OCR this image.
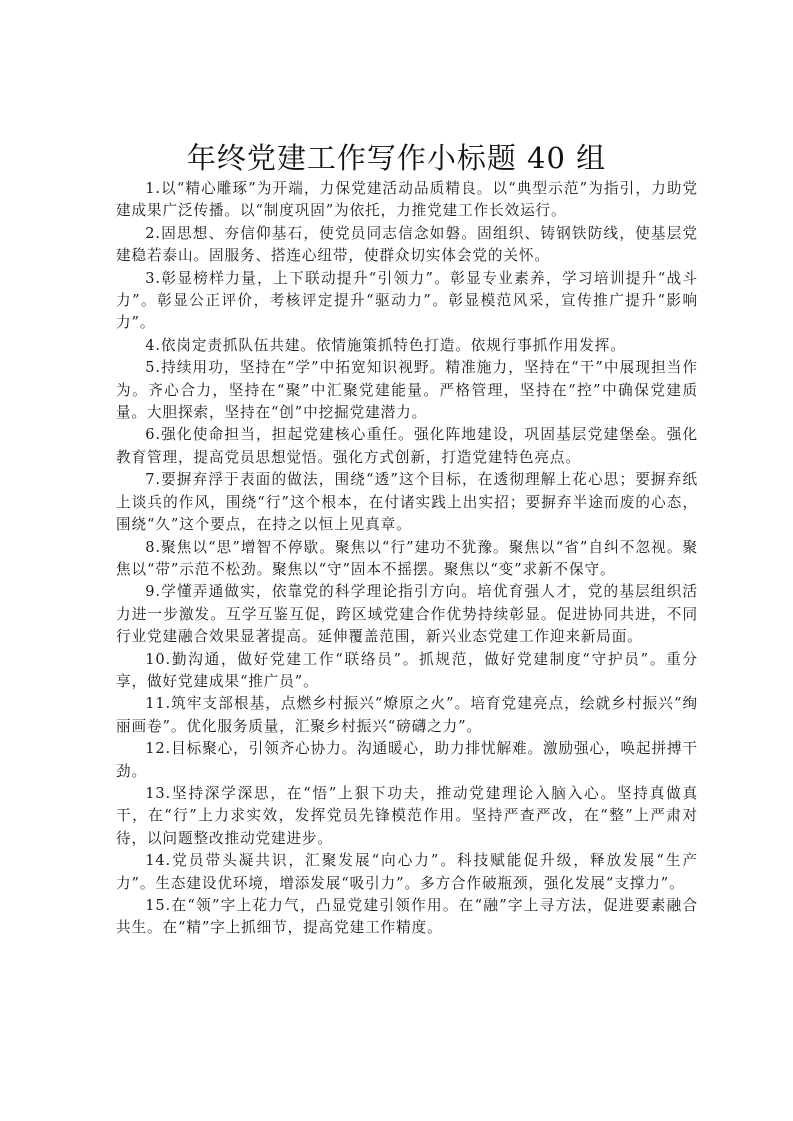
年终党建工作写作小标题 40 组

1.以“精心雕琢”为开端，力保党建活动品质精良。以“典型示范”为指引，力助党建成果广泛传播。以“制度巩固”为依托，力推党建工作长效运行。

2.固思想、夯信仰基石，使党员同志信念如磐。固组织、铸钢铁防线，使基层党建稳若泰山。固服务、搭连心纽带，使群众切实体会党的关怀。

3.彰显榜样力量，上下联动提升“引领力”。彰显专业素养，学习培训提升“战斗力”。彰显公正评价，考核评定提升“驱动力”。彰显模范风采，宣传推广提升“影响力”。

4.依岗定责抓队伍共建。依情施策抓特色打造。依规行事抓作用发挥。

5.持续用功，坚持在“学”中拓宽知识视野。精准施力，坚持在“干”中展现担当作为。齐心合力，坚持在“聚”中汇聚党建能量。严格管理，坚持在“控”中确保党建质量。大胆探索，坚持在“创”中挖掘党建潜力。

6.强化使命担当，担起党建核心重任。强化阵地建设，巩固基层党建堡垒。强化教育管理，提高党员思想觉悟。强化方式创新，打造党建特色亮点。

7.要摒弃浮于表面的做法，围绕“透”这个目标，在透彻理解上花心思；要摒弃纸上谈兵的作风，围绕“行”这个根本，在付诸实践上出实招；要摒弃半途而废的心态，围绕“久”这个要点，在持之以恒上见真章。

8.聚焦以“思”增智不停歇。聚焦以“行”建功不犹豫。聚焦以“省”自纠不忽视。聚焦以“带”示范不松劲。聚焦以“守”固本不摇摆。聚焦以“变”求新不保守。

9.学懂弄通做实，依靠党的科学理论指引方向。培优育强人才，党的基层组织活力进一步激发。互学互鉴互促，跨区域党建合作优势持续彰显。促进协同共进，不同行业党建融合效果显著提高。延伸覆盖范围，新兴业态党建工作迎来新局面。

10.勤沟通，做好党建工作“联络员”。抓规范，做好党建制度“守护员”。重分享，做好党建成果“推广员”。

11.筑牢支部根基，点燃乡村振兴“燎原之火”。培育党建亮点，绘就乡村振兴“绚丽画卷”。优化服务质量，汇聚乡村振兴“磅礴之力”。

12.目标聚心，引领齐心协力。沟通暖心，助力排忧解难。激励强心，唤起拼搏干劲。

13.坚持深学深思，在“悟”上狠下功夫，推动党建理论入脑入心。坚持真做真干，在“行”上力求实效，发挥党员先锋模范作用。坚持严查严改，在“整”上严肃对待，以问题整改推动党建进步。

14.党员带头凝共识，汇聚发展“向心力”。科技赋能促升级，释放发展“生产力”。生态建设优环境，增添发展“吸引力”。多方合作破瓶颈，强化发展“支撑力”。

15.在“领”字上花力气，凸显党建引领作用。在“融”字上寻方法，促进要素融合共生。在“精”字上抓细节，提高党建工作精度。
